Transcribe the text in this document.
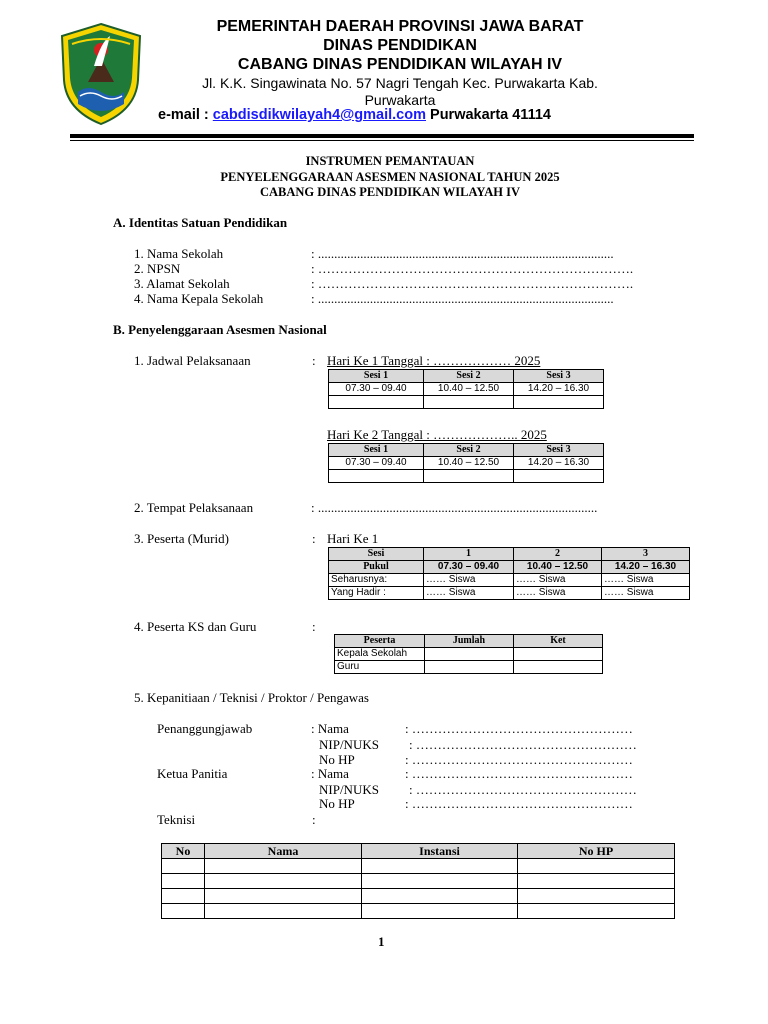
PEMERINTAH DAERAH PROVINSI JAWA BARAT
DINAS PENDIDIKAN
CABANG DINAS PENDIDIKAN WILAYAH IV
Jl. K.K. Singawinata No. 57 Nagri Tengah Kec. Purwakarta Kab.
Purwakarta
e-mail : cabdisdikwilayah4@gmail.com Purwakarta 41114
INSTRUMEN PEMANTAUAN
PENYELENGGARAAN ASESMEN NASIONAL TAHUN 2025
CABANG DINAS PENDIDIKAN WILAYAH IV
A. Identitas Satuan Pendidikan
1. Nama Sekolah	: ...........................................................................................
2. NPSN	: ……………………………………………………………….
3. Alamat Sekolah	: ……………………………………………………………….
4. Nama Kepala Sekolah	: ...........................................................................................
B. Penyelenggaraan Asesmen Nasional
1. Jadwal Pelaksanaan	: Hari Ke 1 Tanggal : ……………… 2025
Sesi 1	Sesi 2	Sesi 3
07.30 – 09.40	10.40 – 12.50	14.20 – 16.30

Hari Ke 2 Tanggal : ……………….. 2025
Sesi 1	Sesi 2	Sesi 3
07.30 – 09.40	10.40 – 12.50	14.20 – 16.30

2. Tempat Pelaksanaan	: ......................................................................................
3. Peserta (Murid)	: Hari Ke 1
Sesi	1	2	3
Pukul	07.30 – 09.40	10.40 – 12.50	14.20 – 16.30
Seharusnya:	…… Siswa	…… Siswa	…… Siswa
Yang Hadir :	…… Siswa	…… Siswa	…… Siswa
4. Peserta KS dan Guru	:
Peserta	Jumlah	Ket
Kepala Sekolah		
Guru		
5. Kepanitiaan / Teknisi / Proktor / Pengawas
Penanggungjawab	: Nama	: ……………………………………………
NIP/NUKS : ……………………………………………
No HP	: ……………………………………………
Ketua Panitia	: Nama	: ……………………………………………
NIP/NUKS : ……………………………………………
No HP	: ……………………………………………
Teknisi	:
No	Nama	Instansi	No HP

1
